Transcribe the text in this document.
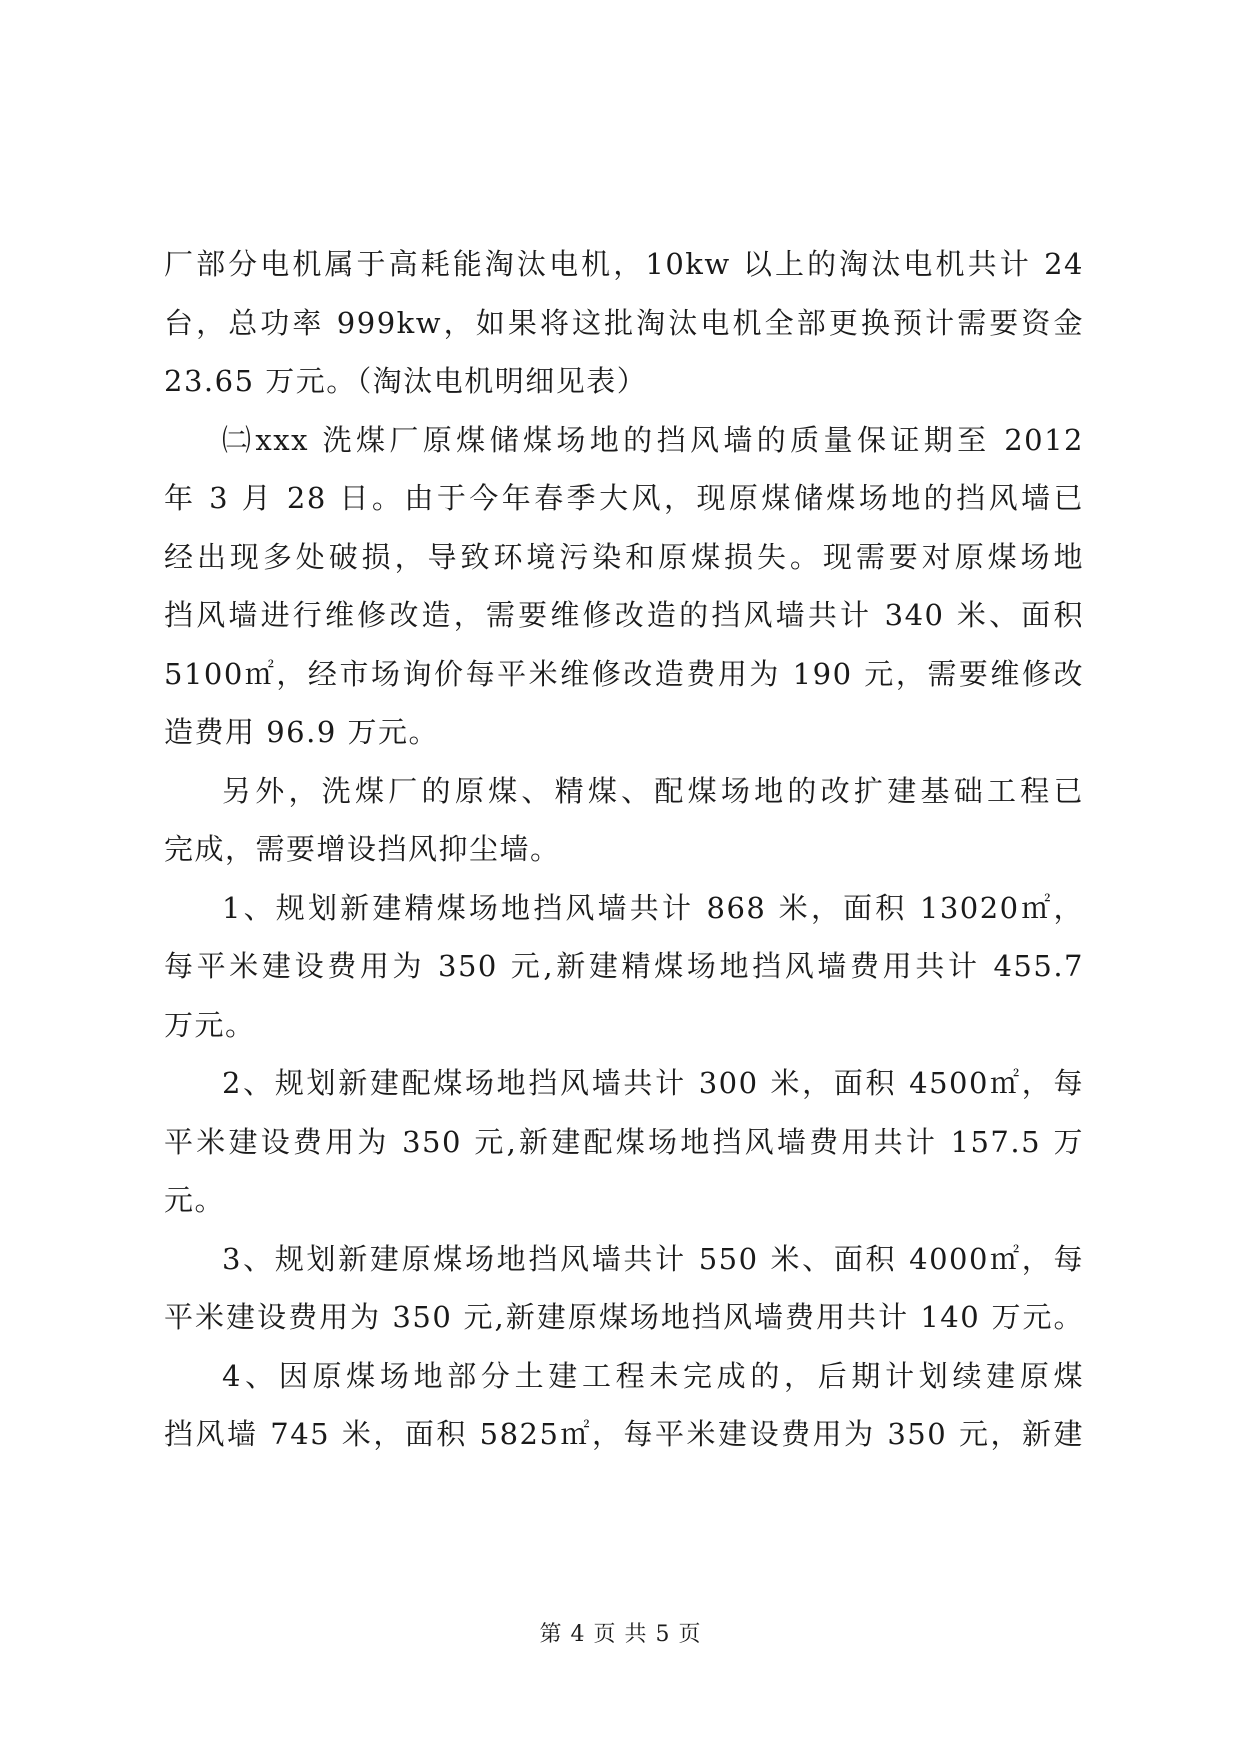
厂部分电机属于高耗能淘汰电机，10kw 以上的淘汰电机共计 24
台，总功率 999kw，如果将这批淘汰电机全部更换预计需要资金
23.65 万元。（淘汰电机明细见表）
㈡xxx 洗煤厂原煤储煤场地的挡风墙的质量保证期至 2012
年 3 月 28 日。由于今年春季大风，现原煤储煤场地的挡风墙已
经出现多处破损，导致环境污染和原煤损失。现需要对原煤场地
挡风墙进行维修改造，需要维修改造的挡风墙共计 340 米、面积
5100㎡，经市场询价每平米维修改造费用为 190 元，需要维修改
造费用 96.9 万元。
另外，洗煤厂的原煤、精煤、配煤场地的改扩建基础工程已
完成，需要增设挡风抑尘墙。
1、规划新建精煤场地挡风墙共计 868 米，面积 13020㎡，
每平米建设费用为 350 元,新建精煤场地挡风墙费用共计 455.7
万元。
2、规划新建配煤场地挡风墙共计 300 米，面积 4500㎡，每
平米建设费用为 350 元,新建配煤场地挡风墙费用共计 157.5 万
元。
3、规划新建原煤场地挡风墙共计 550 米、面积 4000㎡，每
平米建设费用为 350 元,新建原煤场地挡风墙费用共计 140 万元。
4、因原煤场地部分土建工程未完成的，后期计划续建原煤
挡风墙 745 米，面积 5825㎡，每平米建设费用为 350 元，新建
第 4 页 共 5 页
